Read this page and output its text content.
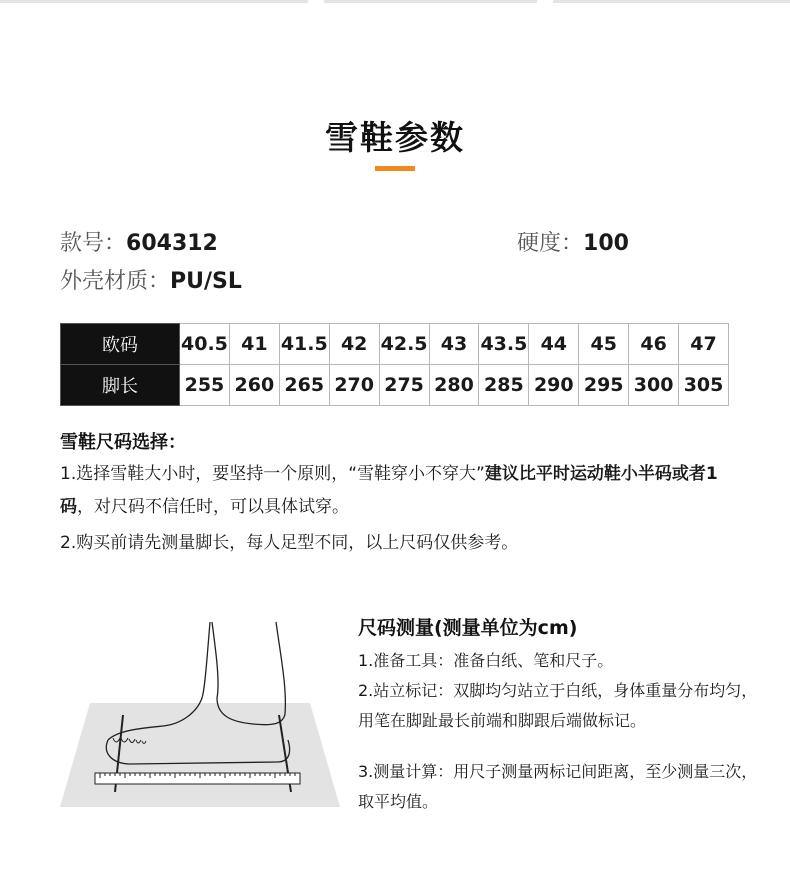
雪鞋参数
款号：604312	硬度：100
外壳材质：PU/SL
欧码	40.5	41	41.5	42	42.5	43	43.5	44	45	46	47
脚长	255	260	265	270	275	280	285	290	295	300	305
雪鞋尺码选择：
1.选择雪鞋大小时，要坚持一个原则，“雪鞋穿小不穿大”建议比平时运动鞋小半码或者1码，对尺码不信任时，可以具体试穿。
2.购买前请先测量脚长，每人足型不同，以上尺码仅供参考。
尺码测量(测量单位为cm)
1.准备工具：准备白纸、笔和尺子。
2.站立标记：双脚均匀站立于白纸，身体重量分布均匀，用笔在脚趾最长前端和脚跟后端做标记。
3.测量计算：用尺子测量两标记间距离，至少测量三次，取平均值。
